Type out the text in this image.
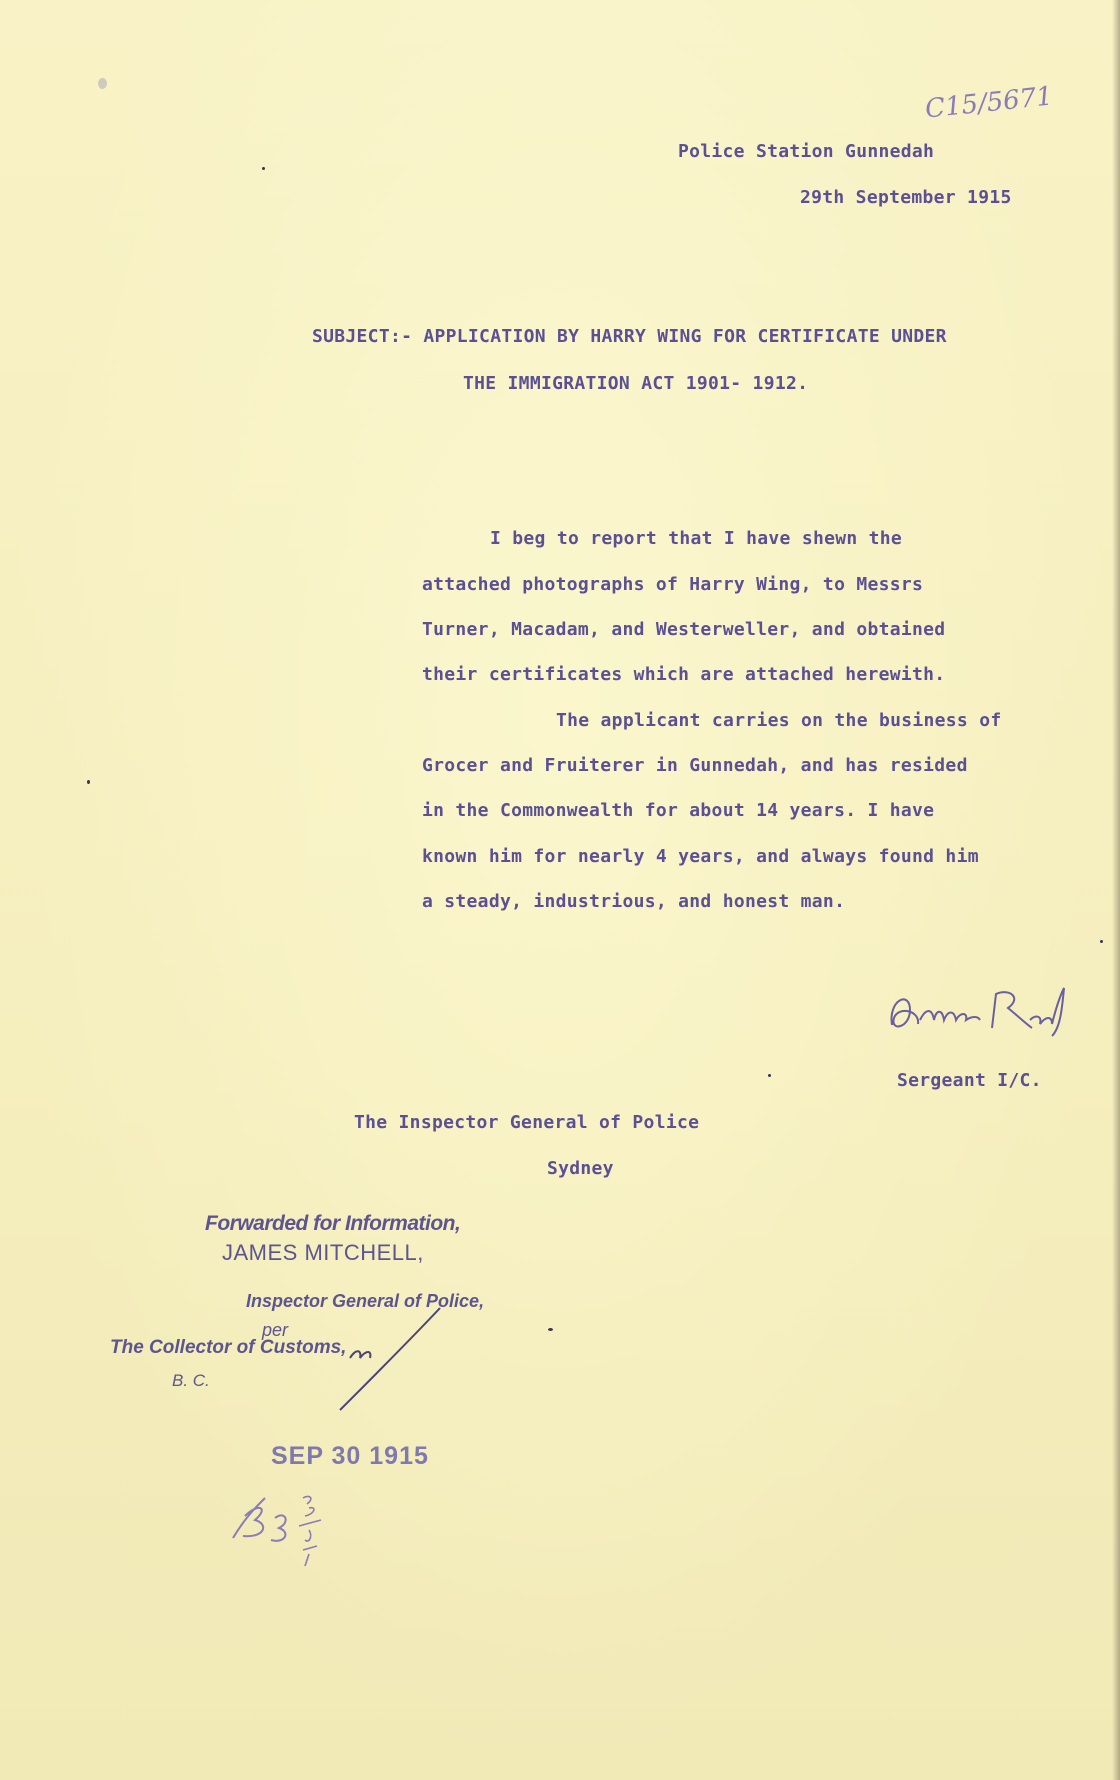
C15/5671
Police Station Gunnedah
29th September 1915
SUBJECT:- APPLICATION BY HARRY WING FOR CERTIFICATE UNDER
THE IMMIGRATION ACT 1901- 1912.
I beg to report that I have shewn the
attached photographs of Harry Wing, to Messrs
Turner, Macadam, and Westerweller, and obtained
their certificates which are attached herewith.
The applicant carries on the business of
Grocer and Fruiterer in Gunnedah, and has resided
in the Commonwealth for about 14 years. I have
known him for nearly 4 years, and always found him
a steady, industrious, and honest man.
Sergeant I/C.
The Inspector General of Police
Sydney
Forwarded for Information,
JAMES MITCHELL,
Inspector General of Police,
per
The Collector of Customs,
B. C.
SEP 30 1915
